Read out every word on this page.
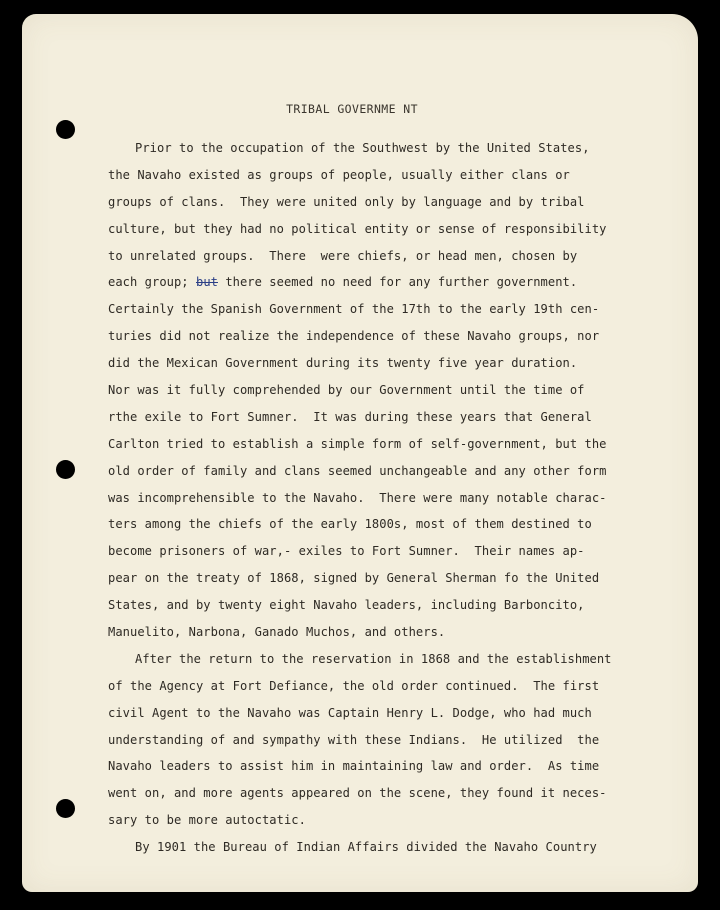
TRIBAL GOVERNME NT
Prior to the occupation of the Southwest by the United States,
the Navaho existed as groups of people, usually either clans or
groups of clans.  They were united only by language and by tribal
culture, but they had no political entity or sense of responsibility
to unrelated groups.  There  were chiefs, or head men, chosen by
each group; but there seemed no need for any further government.
Certainly the Spanish Government of the 17th to the early 19th cen-
turies did not realize the independence of these Navaho groups, nor
did the Mexican Government during its twenty five year duration.
Nor was it fully comprehended by our Government until the time of
rthe exile to Fort Sumner.  It was during these years that General
Carlton tried to establish a simple form of self-government, but the
old order of family and clans seemed unchangeable and any other form
was incomprehensible to the Navaho.  There were many notable charac-
ters among the chiefs of the early 1800s, most of them destined to
become prisoners of war,- exiles to Fort Sumner.  Their names ap-
pear on the treaty of 1868, signed by General Sherman fo the United
States, and by twenty eight Navaho leaders, including Barboncito,
Manuelito, Narbona, Ganado Muchos, and others.
After the return to the reservation in 1868 and the establishment
of the Agency at Fort Defiance, the old order continued.  The first
civil Agent to the Navaho was Captain Henry L. Dodge, who had much
understanding of and sympathy with these Indians.  He utilized  the
Navaho leaders to assist him in maintaining law and order.  As time
went on, and more agents appeared on the scene, they found it neces-
sary to be more autoctatic.
By 1901 the Bureau of Indian Affairs divided the Navaho Country
